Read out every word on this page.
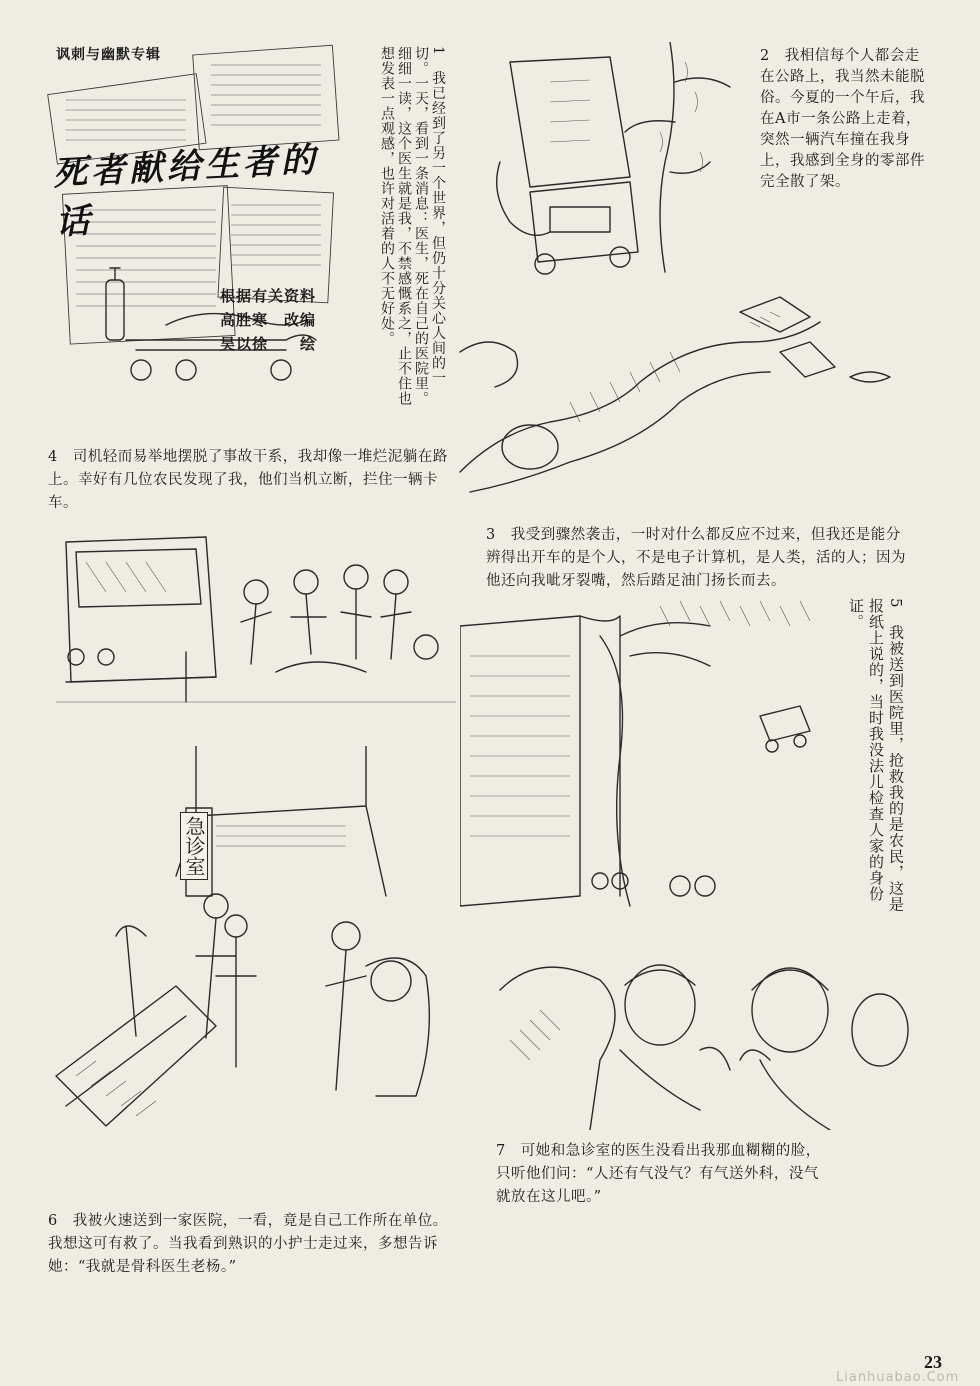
讽刺与幽默专辑
死者献给生者的话
根据有关资料
高胜寒　改编
吴以徐　　绘	1　我已经到了另一个世界，但仍十分关心人间的一切。一天，看到一条消息：医生，死在自己的医院里。细细一读，这个医生就是我，不禁感慨系之，止不住也想发表一点观感，也许对活着的人不无好处。	2　我相信每个人都会走在公路上，我当然未能脱俗。今夏的一个午后，我在A市一条公路上走着，突然一辆汽车撞在我身上，我感到全身的零部件完全散了架。
4　司机轻而易举地摆脱了事故干系，我却像一堆烂泥躺在路上。幸好有几位农民发现了我，他们当机立断，拦住一辆卡车。
3　我受到骤然袭击，一时对什么都反应不过来，但我还是能分辨得出开车的是个人，不是电子计算机，是人类，活的人；因为他还向我呲牙裂嘴，然后踏足油门扬长而去。
5　我被送到医院里，抢救我的是农民，这是报纸上说的，当时我没法儿检查人家的身份证。
急诊室
7　可她和急诊室的医生没看出我那血糊糊的脸，只听他们问：“人还有气没气？有气送外科，没气就放在这儿吧。”
6　我被火速送到一家医院，一看，竟是自己工作所在单位。我想这可有救了。当我看到熟识的小护士走过来，多想告诉她：“我就是骨科医生老杨。”
23
Lianhuabao.Com
